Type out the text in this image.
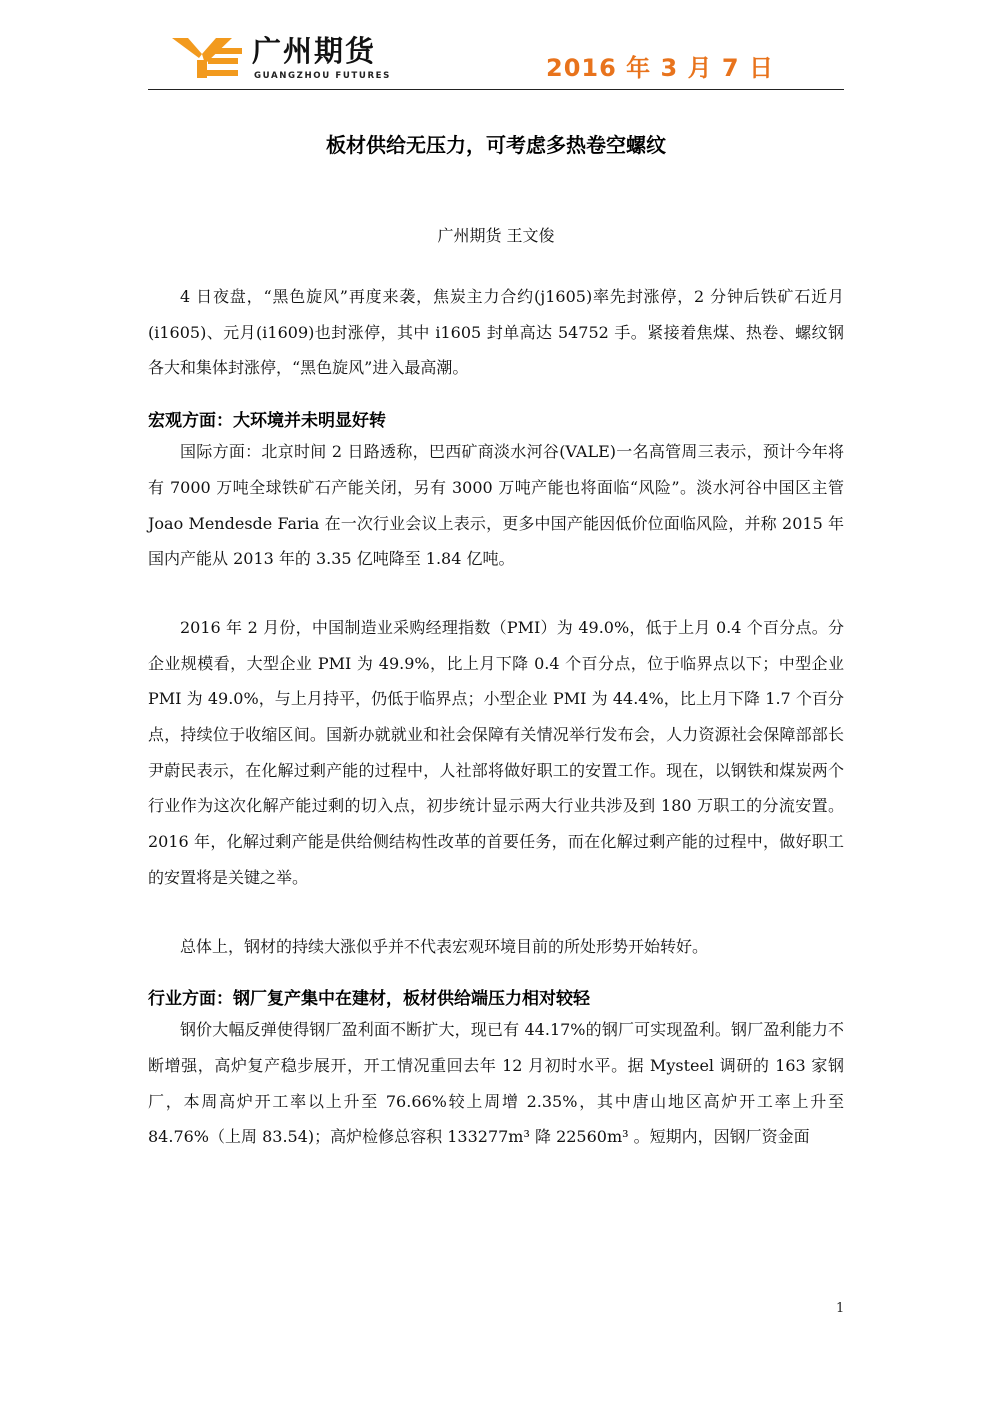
广州期货
GUANGZHOU FUTURES	2016 年 3 月 7 日
板材供给无压力，可考虑多热卷空螺纹
广州期货 王文俊

4 日夜盘，“黑色旋风”再度来袭，焦炭主力合约(j1605)率先封涨停，2 分钟后铁矿石近月(i1605)、元月(i1609)也封涨停，其中 i1605 封单高达 54752 手。紧接着焦煤、热卷、螺纹钢各大和集体封涨停，“黑色旋风”进入最高潮。

宏观方面：大环境并未明显好转

国际方面：北京时间 2 日路透称，巴西矿商淡水河谷(VALE)一名高管周三表示，预计今年将有 7000 万吨全球铁矿石产能关闭，另有 3000 万吨产能也将面临“风险”。淡水河谷中国区主管 Joao Mendesde Faria 在一次行业会议上表示，更多中国产能因低价位面临风险，并称 2015 年国内产能从 2013 年的 3.35 亿吨降至 1.84 亿吨。

2016 年 2 月份，中国制造业采购经理指数（PMI）为 49.0%，低于上月 0.4 个百分点。分企业规模看，大型企业 PMI 为 49.9%，比上月下降 0.4 个百分点，位于临界点以下；中型企业 PMI 为 49.0%，与上月持平，仍低于临界点；小型企业 PMI 为 44.4%，比上月下降 1.7 个百分点，持续位于收缩区间。国新办就就业和社会保障有关情况举行发布会，人力资源社会保障部部长尹蔚民表示，在化解过剩产能的过程中，人社部将做好职工的安置工作。现在，以钢铁和煤炭两个行业作为这次化解产能过剩的切入点，初步统计显示两大行业共涉及到 180 万职工的分流安置。2016 年，化解过剩产能是供给侧结构性改革的首要任务，而在化解过剩产能的过程中，做好职工的安置将是关键之举。

总体上，钢材的持续大涨似乎并不代表宏观环境目前的所处形势开始转好。

行业方面：钢厂复产集中在建材，板材供给端压力相对较轻

钢价大幅反弹使得钢厂盈利面不断扩大，现已有 44.17%的钢厂可实现盈利。钢厂盈利能力不断增强，高炉复产稳步展开，开工情况重回去年 12 月初时水平。据 Mysteel 调研的 163 家钢厂，本周高炉开工率以上升至 76.66%较上周增 2.35%，其中唐山地区高炉开工率上升至 84.76%（上周 83.54)；高炉检修总容积 133277m³ 降 22560m³ 。短期内，因钢厂资金面

1
